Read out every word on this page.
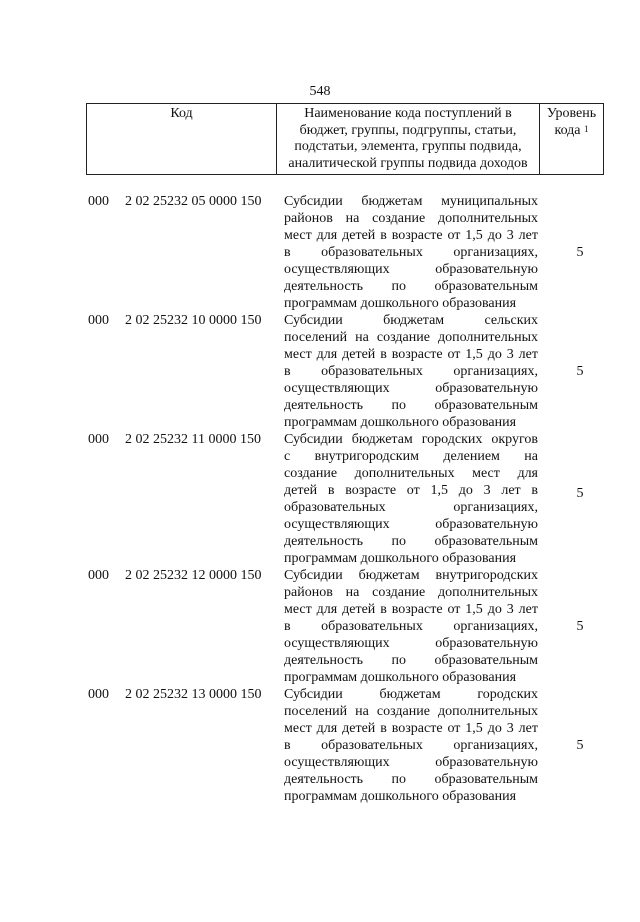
548
Код	Наименование кода поступлений в
бюджет, группы, подгруппы, статьи,
подстатьи, элемента, группы подвида,
аналитической группы подвида доходов
Уровень
кода $^1$
000 2 02 25232 05 0000 150 Субсидии бюджетам муниципальных
районов на создание дополнительных
мест для детей в возрасте от 1,5 до 3 лет
в образовательных организациях,
осуществляющих образовательную
деятельность по образовательным
программам дошкольного образования
5
000 2 02 25232 10 0000 150 Субсидии бюджетам сельских
поселений на создание дополнительных
мест для детей в возрасте от 1,5 до 3 лет
в образовательных организациях,
осуществляющих образовательную
деятельность по образовательным
программам дошкольного образования
5
000 2 02 25232 11 0000 150 Субсидии бюджетам городских округов
с внутригородским делением на
создание дополнительных мест для
детей в возрасте от 1,5 до 3 лет в
образовательных организациях,
осуществляющих образовательную
деятельность по образовательным
программам дошкольного образования
5
000 2 02 25232 12 0000 150 Субсидии бюджетам внутригородских
районов на создание дополнительных
мест для детей в возрасте от 1,5 до 3 лет
в образовательных организациях,
осуществляющих образовательную
деятельность по образовательным
программам дошкольного образования
5
000 2 02 25232 13 0000 150 Субсидии бюджетам городских
поселений на создание дополнительных
мест для детей в возрасте от 1,5 до 3 лет
в образовательных организациях,
осуществляющих образовательную
деятельность по образовательным
программам дошкольного образования
5
